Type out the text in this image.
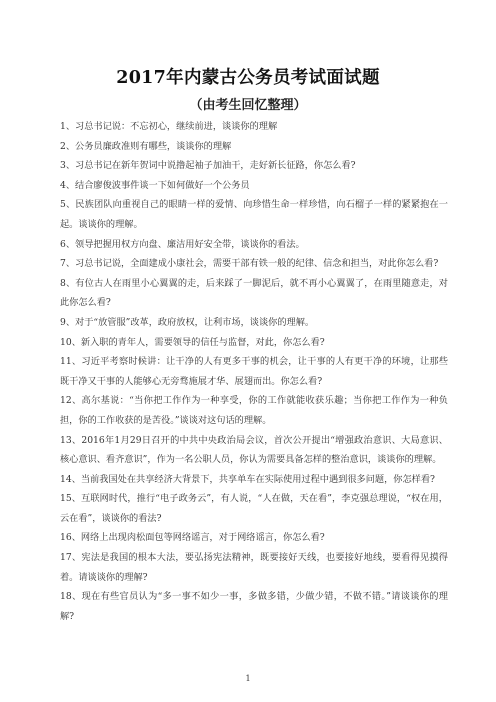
2017年内蒙古公务员考试面试题
（由考生回忆整理）
1、习总书记说：不忘初心，继续前进，谈谈你的理解
2、公务员廉政准则有哪些，谈谈你的理解
3、习总书记在新年贺词中说撸起袖子加油干，走好新长征路，你怎么看?
4、结合廖俊波事件谈一下如何做好一个公务员
5、民族团队向重视自己的眼睛一样的爱情、向珍惜生命一样珍惜，向石榴子一样的紧紧抱在一起。谈谈你的理解。
6、领导把握用权方向盘、廉洁用好安全带，谈谈你的看法。
7、习总书记说，全面建成小康社会，需要干部有铁一般的纪律、信念和担当，对此你怎么看?
8、有位古人在雨里小心翼翼的走，后来踩了一脚泥后，就不再小心翼翼了，在雨里随意走，对此你怎么看?
9、对于“放管服”改革，政府放权，让利市场，谈谈你的理解。
10、新入职的青年人，需要领导的信任与监督，对此，你怎么看?
11、习近平考察时候讲：让干净的人有更多干事的机会，让干事的人有更干净的环境，让那些既干净又干事的人能够心无旁骛施展才华、展翅而出。你怎么看?
12、高尔基说：“当你把工作作为一种享受，你的工作就能收获乐趣；当你把工作作为一种负担，你的工作收获的是苦役。”谈谈对这句话的理解。
13、2016年1月29日召开的中共中央政治局会议，首次公开提出“增强政治意识、大局意识、核心意识、看齐意识”，作为一名公职人员，你认为需要具备怎样的整治意识，谈谈你的理解。
14、当前我国处在共享经济大背景下，共享单车在实际使用过程中遇到很多问题，你怎样看?
15、互联网时代，推行“电子政务云”，有人说，“人在做，天在看”，李克强总理说，“权在用，云在看”，谈谈你的看法?
16、网络上出现肉松面包等网络谣言，对于网络谣言，你怎么看?
17、宪法是我国的根本大法，要弘扬宪法精神，既要接好天线，也要接好地线，要看得见摸得着。请谈谈你的理解?
18、现在有些官员认为“多一事不如少一事，多做多错，少做少错，不做不错。”请谈谈你的理解?
1
